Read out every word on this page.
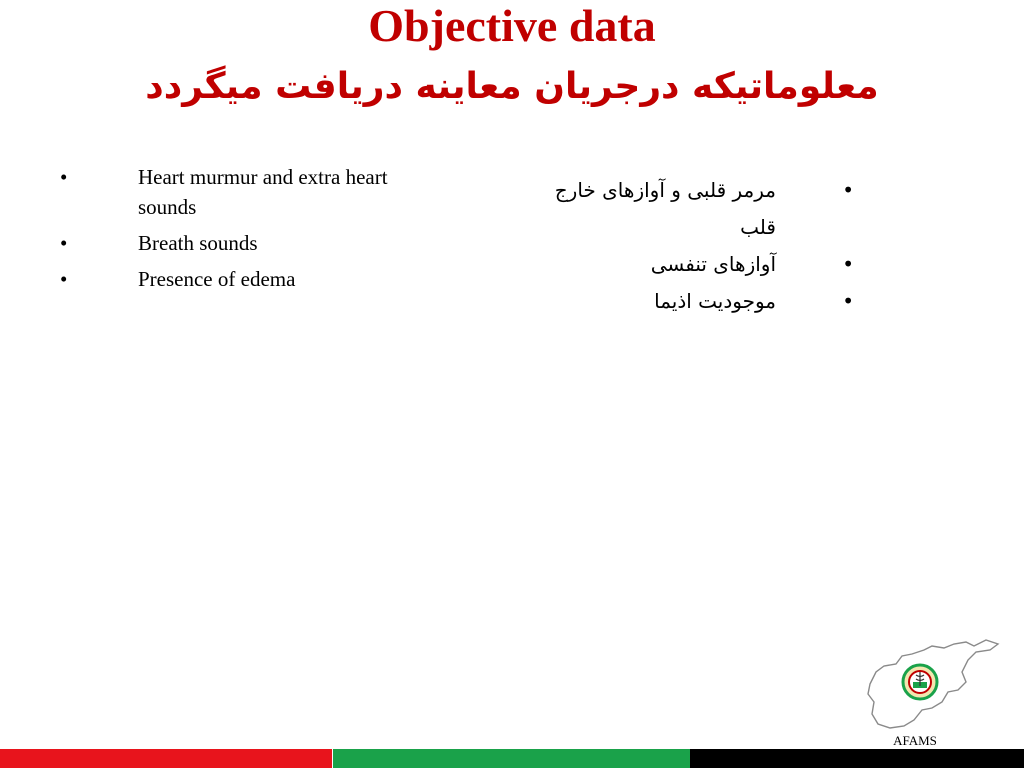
Objective data
معلوماتیکه درجریان معاینه دریافت میگردد
•	Heart murmur and extra heart sounds
•	Breath sounds
•	Presence of edema
•
مرمر قلبی و آوازهای خارج قلب
•
آوازهای تنفسی
•
موجودیت اذیما
AFAMS
